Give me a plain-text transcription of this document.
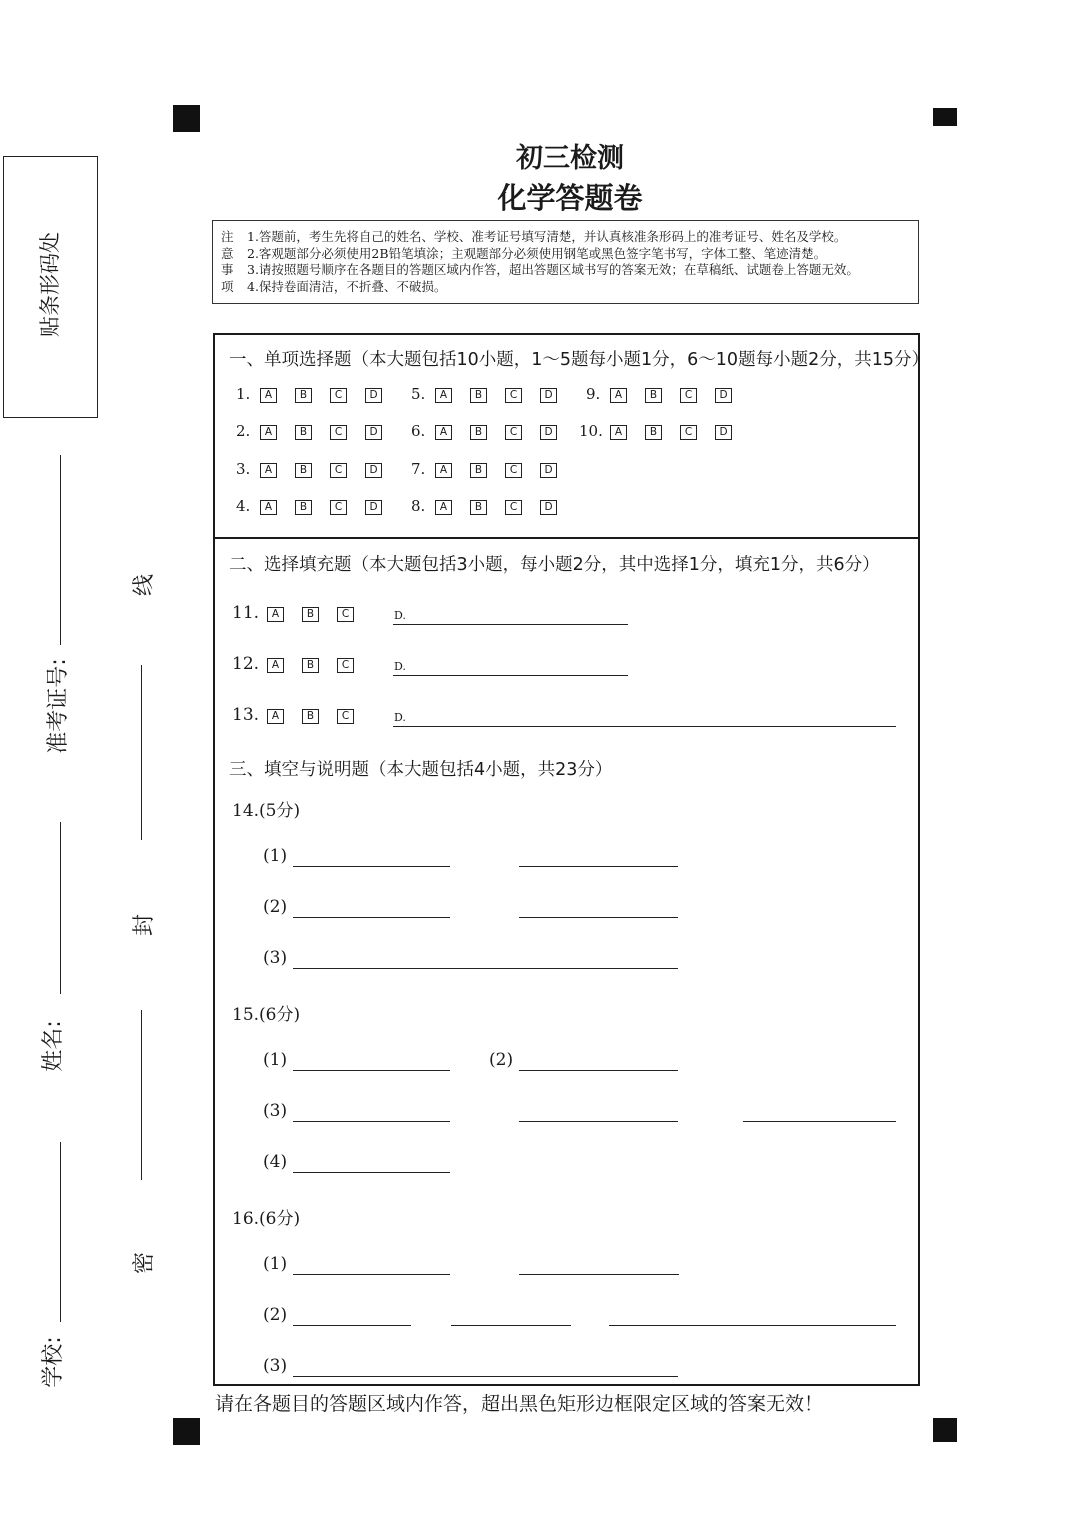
贴条形码处
准考证号:
姓名:
学校:
线
封
密
初三检测
化学答题卷
注
意
事
项
1.答题前，考生先将自己的姓名、学校、准考证号填写清楚，并认真核准条形码上的准考证号、姓名及学校。
2.客观题部分必须使用2B铅笔填涂；主观题部分必须使用钢笔或黑色签字笔书写，字体工整、笔迹清楚。
3.请按照题号顺序在各题目的答题区域内作答，超出答题区域书写的答案无效；在草稿纸、试题卷上答题无效。
4.保持卷面清洁，不折叠、不破损。
一、单项选择题（本大题包括10小题，1～5题每小题1分，6～10题每小题2分，共15分）
1.	A	B	C	D
2.	A	B	C	D
3.	A	B	C	D
4.	A	B	C	D
5.	A	B	C	D
6.	A	B	C	D
7.	A	B	C	D
8.	A	B	C	D
9.	A	B	C	D
10.	A	B	C	D
二、选择填充题（本大题包括3小题，每小题2分，其中选择1分，填充1分，共6分）
11.	A	B	C	D.
12.	A	B	C	D.
13.	A	B	C	D.
三、填空与说明题（本大题包括4小题，共23分）
14.(5分)
(1)
(2)
(3)
15.(6分)
(1)	(2)
(3)
(4)
16.(6分)
(1)
(2)
(3)
请在各题目的答题区域内作答，超出黑色矩形边框限定区域的答案无效！
